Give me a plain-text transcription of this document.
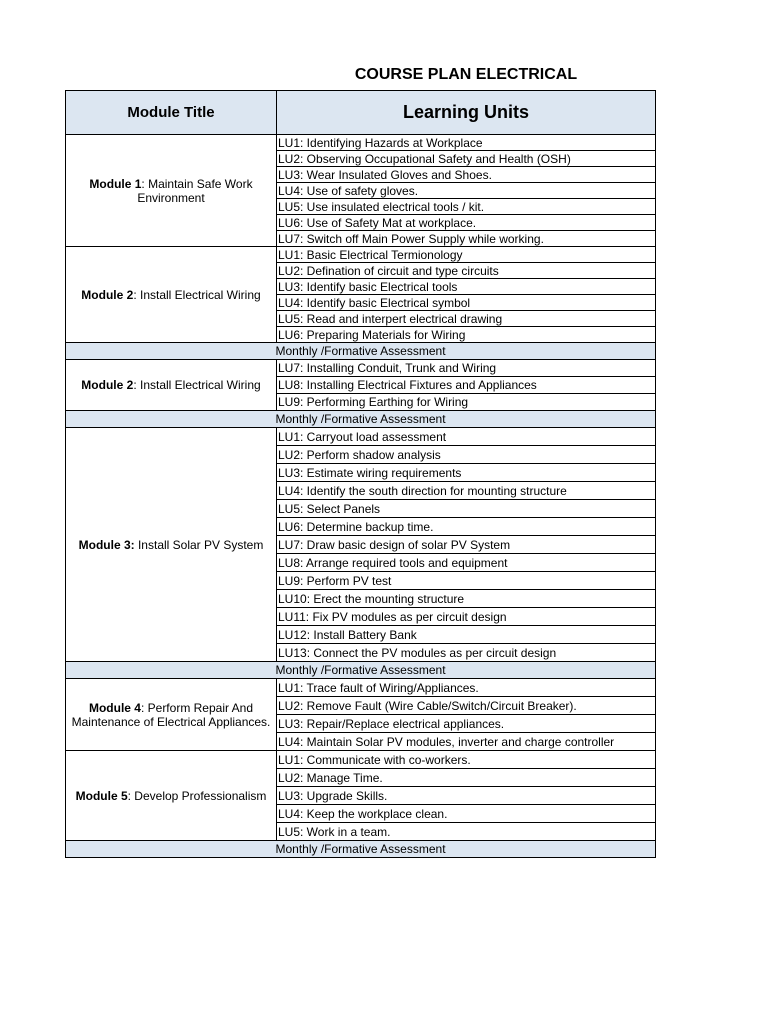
COURSE PLAN ELECTRICAL
Module Title	Learning Units
Module 1: Maintain Safe Work Environment	LU1: Identifying Hazards at Workplace
	LU2: Observing Occupational Safety and Health (OSH)
	LU3: Wear Insulated Gloves and Shoes.
	LU4: Use of safety gloves.
	LU5: Use insulated electrical tools / kit.
	LU6: Use of Safety Mat at workplace.
	LU7: Switch off Main Power Supply while working.
Module 2: Install Electrical Wiring	LU1: Basic Electrical Termionology
	LU2: Defination of circuit and type circuits
	LU3: Identify basic Electrical tools
	LU4: Identify basic Electrical symbol
	LU5: Read and interpert electrical drawing
	LU6: Preparing Materials for Wiring
Monthly /Formative Assessment	
Module 2: Install Electrical Wiring	LU7: Installing Conduit, Trunk and Wiring
	LU8: Installing Electrical Fixtures and Appliances
	LU9: Performing Earthing for Wiring
Monthly /Formative Assessment	
Module 3: Install Solar PV System	LU1: Carryout load assessment
	LU2: Perform shadow analysis
	LU3: Estimate wiring requirements
	LU4: Identify the south direction for mounting structure
	LU5: Select Panels
	LU6: Determine backup time.
	LU7: Draw basic design of solar PV System
	LU8: Arrange required tools and equipment
	LU9: Perform PV test
	LU10: Erect the mounting structure
	LU11: Fix PV modules as per circuit design
	LU12: Install Battery Bank
	LU13: Connect the PV modules as per circuit design
Monthly /Formative Assessment	
Module 4: Perform Repair And Maintenance of Electrical Appliances.	LU1: Trace fault of Wiring/Appliances.
	LU2: Remove Fault (Wire Cable/Switch/Circuit Breaker).
	LU3: Repair/Replace electrical appliances.
	LU4: Maintain Solar PV modules, inverter and charge controller
Module 5: Develop Professionalism	LU1: Communicate with co-workers.
	LU2: Manage Time.
	LU3: Upgrade Skills.
	LU4: Keep the workplace clean.
	LU5: Work in a team.
Monthly /Formative Assessment	
